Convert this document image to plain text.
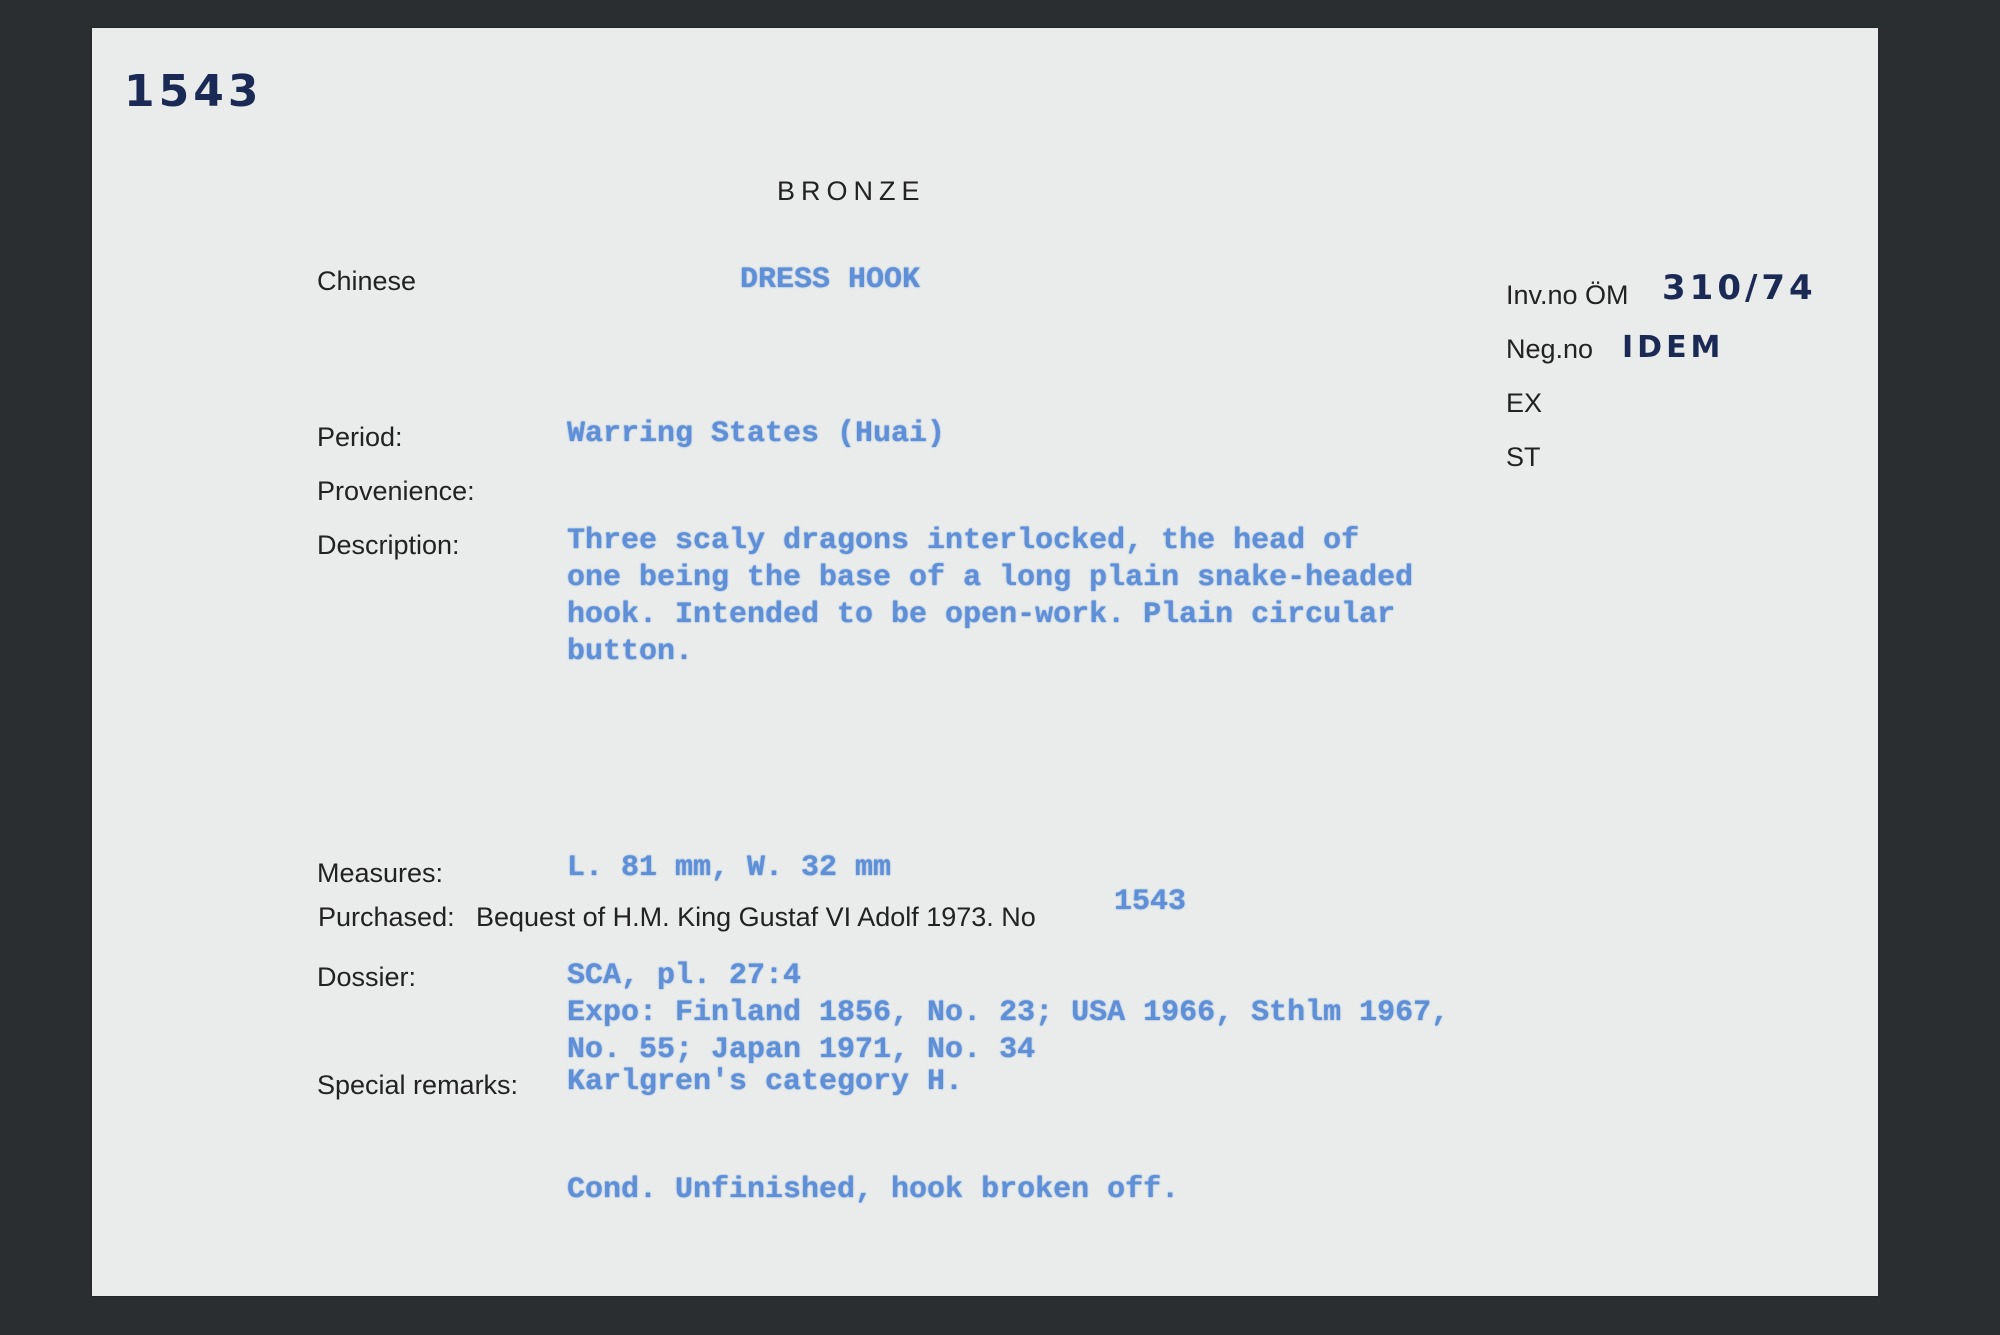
1543
BRONZE
Chinese	DRESS HOOK	Inv.no ÖM 310/74
Neg.no IDEM
EX
ST
Period:	Warring States (Huai)
Provenience:
Description:	Three scaly dragons interlocked, the head of
one being the base of a long plain snake-headed
hook. Intended to be open-work. Plain circular
button.
Measures:	L. 81 mm, W. 32 mm
1543
Purchased: Bequest of H.M. King Gustaf VI Adolf 1973. No
Dossier:	SCA, pl. 27:4
Expo: Finland 1856, No. 23; USA 1966, Sthlm 1967,
No. 55; Japan 1971, No. 34
Special remarks: Karlgren's category H.
Cond. Unfinished, hook broken off.
